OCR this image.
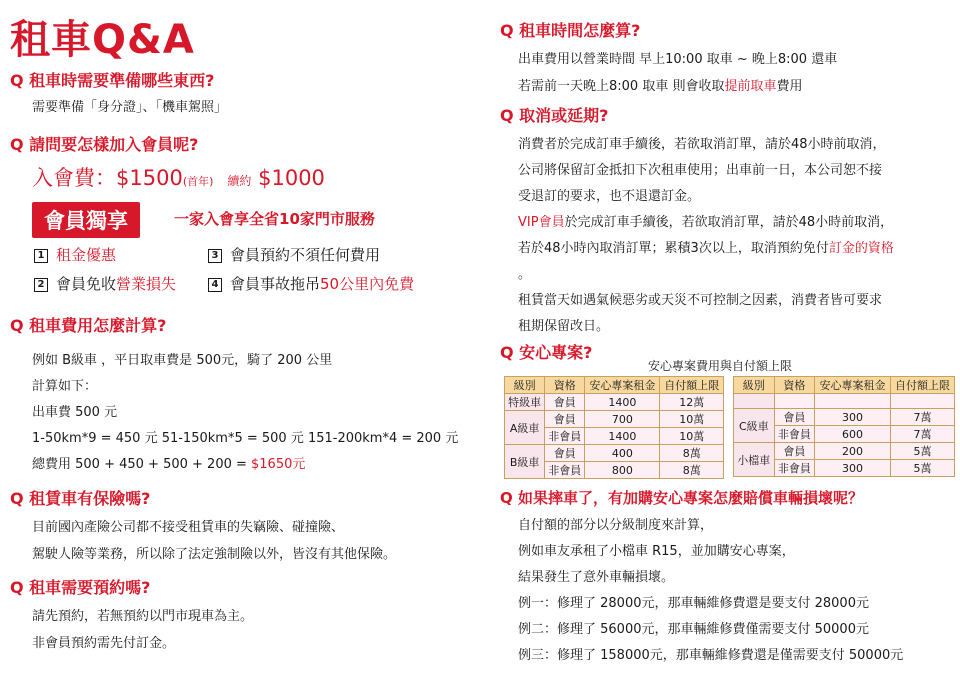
租車Q&A
Q 租車時需要準備哪些東西?
需要準備「身分證」、「機車駕照」
Q 請問要怎樣加入會員呢?
入會費：$1500(首年) 續約 $1000
會員獨享	一家入會享全省10家門市服務
1 租金優惠	3 會員預約不須任何費用
2 會員免收營業損失	4 會員事故拖吊50公里內免費
Q 租車費用怎麼計算?
例如 B級車 ，平日取車費是 500元，騎了 200 公里
計算如下：
出車費 500 元
1-50km*9 = 450 元 51-150km*5 = 500 元 151-200km*4 = 200 元
總費用 500 + 450 + 500 + 200 = $1650元
Q 租賃車有保險嗎?
目前國內產險公司都不接受租賃車的失竊險、碰撞險、
駕駛人險等業務，所以除了法定強制險以外，皆沒有其他保險。
Q 租車需要預約嗎?
請先預約，若無預約以門市現車為主。
非會員預約需先付訂金。
Q 租車時間怎麼算?
出車費用以營業時間 早上10:00 取車 ~ 晚上8:00 還車
若需前一天晚上8:00 取車 則會收取提前取車費用
Q 取消或延期?
消費者於完成訂車手續後，若欲取消訂單，請於48小時前取消，
公司將保留訂金抵扣下次租車使用；出車前一日，本公司恕不接
受退訂的要求，也不退還訂金。
VIP會員於完成訂車手續後，若欲取消訂單，請於48小時前取消，
若於48小時內取消訂單；累積3次以上，取消預約免付訂金的資格
。
租賃當天如遇氣候惡劣或天災不可控制之因素，消費者皆可要求
租期保留改日。
Q 安心專案?
安心專案費用與自付額上限
級別	資格	安心專案租金	自付額上限
特級車	會員	1400	12萬
A級車	會員	700	10萬
	非會員	1400	10萬
B級車	會員	400	8萬
	非會員	800	8萬
級別	資格	安心專案租金	自付額上限

C級車	會員	300	7萬
	非會員	600	7萬
小檔車	會員	200	5萬
	非會員	300	5萬
Q 如果摔車了，有加購安心專案怎麼賠償車輛損壞呢？
自付額的部分以分級制度來計算，
例如車友承租了小檔車 R15，並加購安心專案，
結果發生了意外車輛損壞。
例一：修理了 28000元，那車輛維修費還是要支付 28000元
例二：修理了 56000元，那車輛維修費僅需要支付 50000元
例三：修理了 158000元，那車輛維修費還是僅需要支付 50000元
